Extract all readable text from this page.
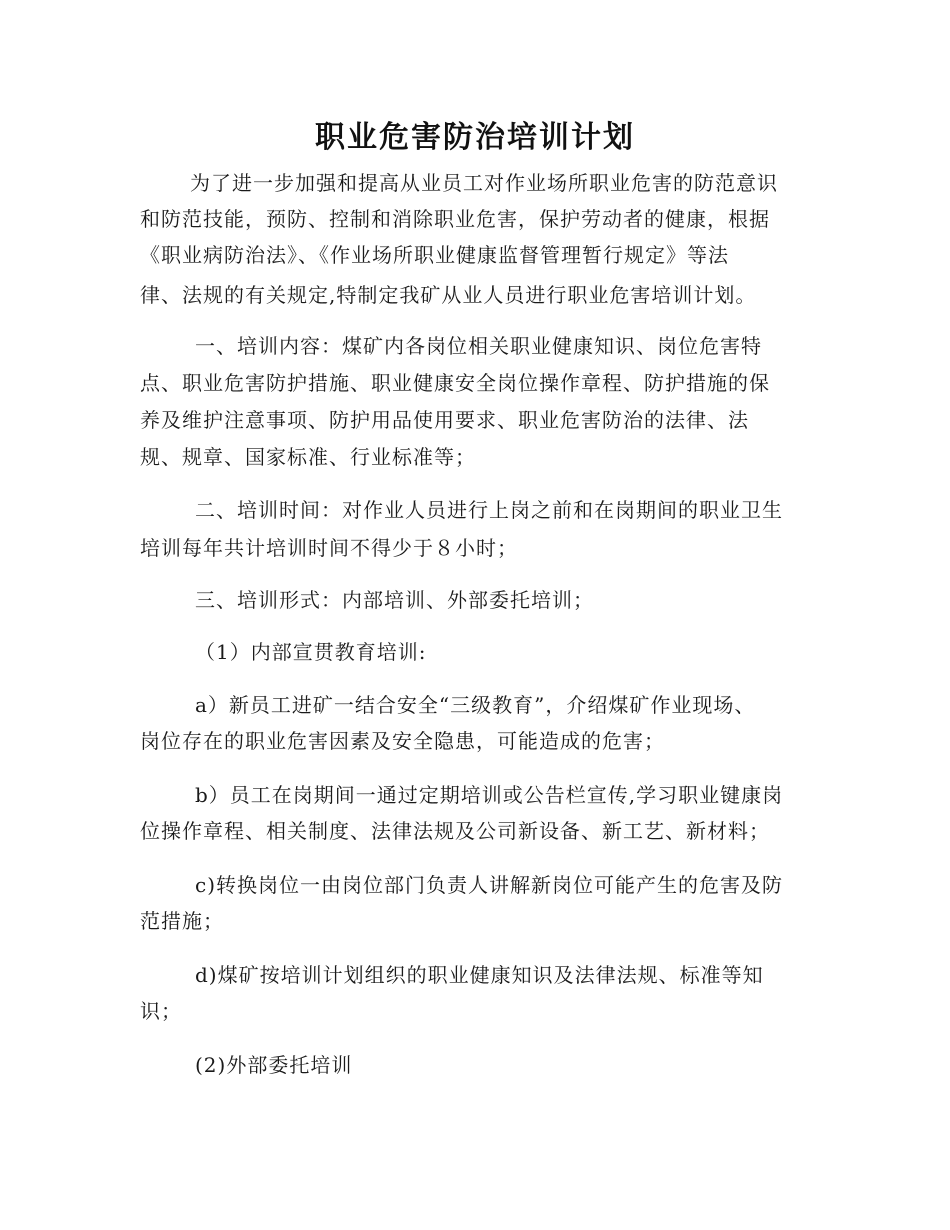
职业危害防治培训计划
为了进一步加强和提高从业员工对作业场所职业危害的防范意识
和防范技能，预防、控制和消除职业危害，保护劳动者的健康，根据
《职业病防治法》、《作业场所职业健康监督管理暂行规定》等法
律、法规的有关规定,特制定我矿从业人员进行职业危害培训计划。
一、培训内容：煤矿内各岗位相关职业健康知识、岗位危害特
点、职业危害防护措施、职业健康安全岗位操作章程、防护措施的保
养及维护注意事项、防护用品使用要求、职业危害防治的法律、法
规、规章、国家标准、行业标准等；
二、培训时间：对作业人员进行上岗之前和在岗期间的职业卫生
培训每年共计培训时间不得少于８小时；
三、培训形式：内部培训、外部委托培训；
（1）内部宣贯教育培训:
a）新员工进矿一结合安全“三级教育”，介绍煤矿作业现场、
岗位存在的职业危害因素及安全隐患，可能造成的危害；
b）员工在岗期间一通过定期培训或公告栏宣传,学习职业键康岗
位操作章程、相关制度、法律法规及公司新设备、新工艺、新材料；
c)转换岗位一由岗位部门负责人讲解新岗位可能产生的危害及防
范措施；
d)煤矿按培训计划组织的职业健康知识及法律法规、标准等知
识；
(2)外部委托培训
